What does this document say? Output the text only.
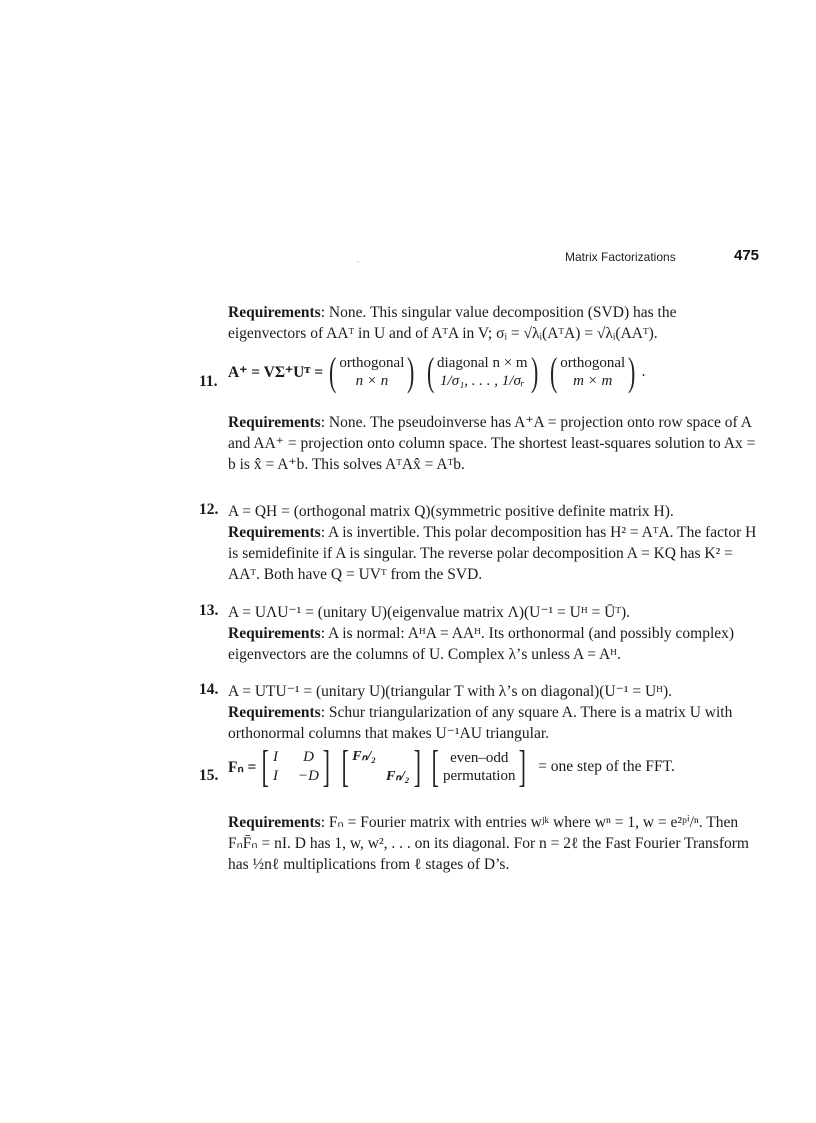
.	Matrix Factorizations	475
Requirements: None. This singular value decomposition (SVD) has the eigenvectors of AAᵀ in U and of AᵀA in V; σᵢ = √λᵢ(AᵀA) = √λᵢ(AAᵀ).
11.
A⁺ = VΣ⁺Uᵀ = ( orthogonal
n × n ) ( diagonal n × m
1/σ₁, . . . , 1/σᵣ ) ( orthogonal
m × m ) .
Requirements: None. The pseudoinverse has A⁺A = projection onto row space of A and AA⁺ = projection onto column space. The shortest least-squares solution to Ax = b is x̂ = A⁺b. This solves AᵀAx̂ = Aᵀb.
12. A = QH = (orthogonal matrix Q)(symmetric positive definite matrix H).
Requirements: A is invertible. This polar decomposition has H² = AᵀA. The factor H is semidefinite if A is singular. The reverse polar decomposition A = KQ has K² = AAᵀ. Both have Q = UVᵀ from the SVD.
13. A = UΛU⁻¹ = (unitary U)(eigenvalue matrix Λ)(U⁻¹ = Uᴴ = Ūᵀ).
Requirements: A is normal: AᴴA = AAᴴ. Its orthonormal (and possibly complex) eigenvectors are the columns of U. Complex λ’s unless A = Aᴴ.
14. A = UTU⁻¹ = (unitary U)(triangular T with λ’s on diagonal)(U⁻¹ = Uᴴ).
Requirements: Schur triangularization of any square A. There is a matrix U with orthonormal columns that makes U⁻¹AU triangular.
15. Fₙ = [ I	D
I −D ] [ Fₙ/₂
Fₙ/₂ ] [ even–odd
permutation ] = one step of the FFT.
Requirements: Fₙ = Fourier matrix with entries wʲᵏ where wⁿ = 1, w = e²ᵖⁱ/ⁿ. Then FₙF̄ₙ = nI. D has 1, w, w², . . . on its diagonal. For n = 2ℓ the Fast Fourier Transform has ½nℓ multiplications from ℓ stages of D’s.
